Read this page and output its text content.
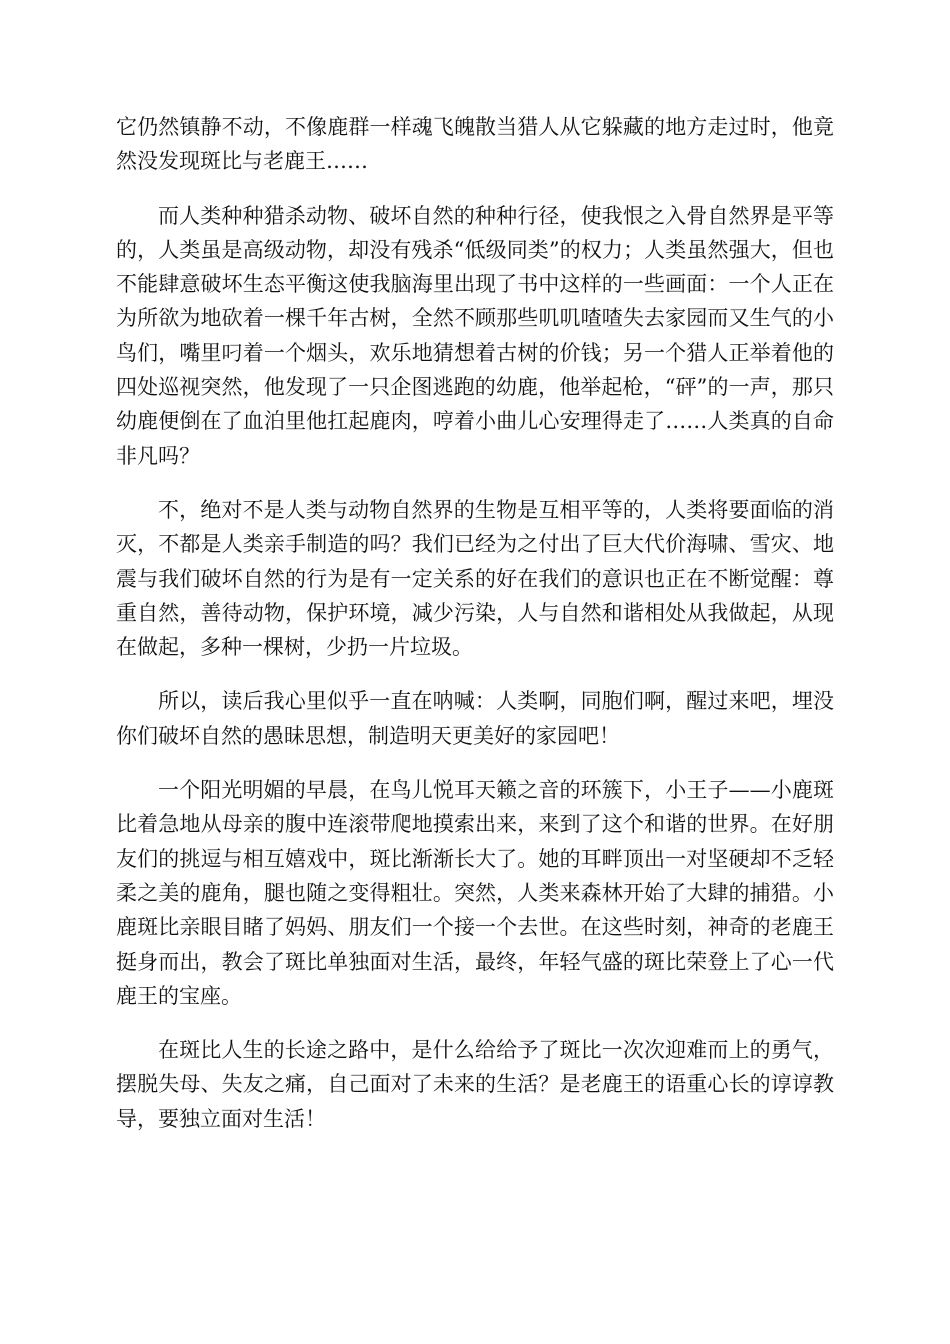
它仍然镇静不动，不像鹿群一样魂飞魄散当猎人从它躲藏的地方走过时，他竟然没发现斑比与老鹿王……

而人类种种猎杀动物、破坏自然的种种行径，使我恨之入骨自然界是平等的，人类虽是高级动物，却没有残杀“低级同类”的权力；人类虽然强大，但也不能肆意破坏生态平衡这使我脑海里出现了书中这样的一些画面：一个人正在为所欲为地砍着一棵千年古树，全然不顾那些叽叽喳喳失去家园而又生气的小鸟们，嘴里叼着一个烟头，欢乐地猜想着古树的价钱；另一个猎人正举着他的四处巡视突然，他发现了一只企图逃跑的幼鹿，他举起枪，“砰”的一声，那只幼鹿便倒在了血泊里他扛起鹿肉，哼着小曲儿心安理得走了……人类真的自命非凡吗？

不，绝对不是人类与动物自然界的生物是互相平等的，人类将要面临的消灭，不都是人类亲手制造的吗？我们已经为之付出了巨大代价海啸、雪灾、地震与我们破坏自然的行为是有一定关系的好在我们的意识也正在不断觉醒：尊重自然，善待动物，保护环境，减少污染，人与自然和谐相处从我做起，从现在做起，多种一棵树，少扔一片垃圾。

所以，读后我心里似乎一直在呐喊：人类啊，同胞们啊，醒过来吧，埋没你们破坏自然的愚昧思想，制造明天更美好的家园吧！

一个阳光明媚的早晨，在鸟儿悦耳天籁之音的环簇下，小王子——小鹿斑比着急地从母亲的腹中连滚带爬地摸索出来，来到了这个和谐的世界。在好朋友们的挑逗与相互嬉戏中，斑比渐渐长大了。她的耳畔顶出一对坚硬却不乏轻柔之美的鹿角，腿也随之变得粗壮。突然，人类来森林开始了大肆的捕猎。小鹿斑比亲眼目睹了妈妈、朋友们一个接一个去世。在这些时刻，神奇的老鹿王挺身而出，教会了斑比单独面对生活，最终，年轻气盛的斑比荣登上了心一代鹿王的宝座。

在斑比人生的长途之路中，是什么给给予了斑比一次次迎难而上的勇气，摆脱失母、失友之痛，自己面对了未来的生活？是老鹿王的语重心长的谆谆教导，要独立面对生活！
